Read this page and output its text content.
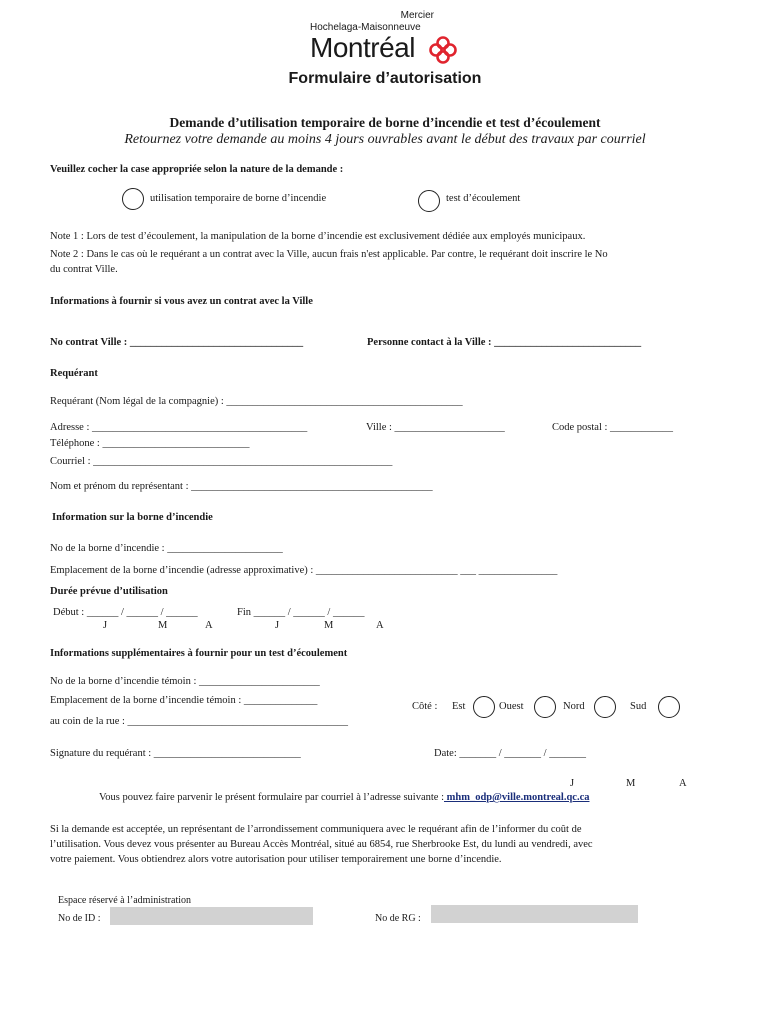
Mercier
Hochelaga-Maisonneuve
Montréal
Formulaire d’autorisation
Demande d’utilisation temporaire de borne d’incendie et test d’écoulement
Retournez votre demande au moins 4 jours ouvrables avant le début des travaux par courriel
Veuillez cocher la case appropriée selon la nature de la demande :
utilisation temporaire de borne d’incendie	test d’écoulement
Note 1 : Lors de test d’écoulement, la manipulation de la borne d’incendie est exclusivement dédiée aux employés municipaux.
Note 2 : Dans le cas où le requérant a un contrat avec la Ville, aucun frais n'est applicable. Par contre, le requérant doit inscrire le No
du contrat Ville.
Informations à fournir si vous avez un contrat avec la Ville
No contrat Ville : _________________________________	Personne contact à la Ville : ____________________________
Requérant
Requérant (Nom légal de la compagnie) : _____________________________________________
Adresse : _________________________________________	Ville : _____________________	Code postal : ____________
Téléphone : ____________________________
Courriel : _________________________________________________________
Nom et prénom du représentant : ______________________________________________
Information sur la borne d’incendie
No de la borne d’incendie : ______________________
Emplacement de la borne d’incendie (adresse approximative) : ___________________________ ___ _______________
Durée prévue d’utilisation
Début : ______ / ______ / ______	Fin ______ / ______ / ______
J	M	A	J	M	A
Informations supplémentaires à fournir pour un test d’écoulement
No de la borne d’incendie témoin : _______________________
Emplacement de la borne d’incendie témoin : ______________
au coin de la rue : __________________________________________
Côté : Est	Ouest	Nord	Sud
Signature du requérant : ____________________________	Date: _______ / _______ / _______
J	M	A
Vous pouvez faire parvenir le présent formulaire par courriel à l’adresse suivante : mhm_odp@ville.montreal.qc.ca
Si la demande est acceptée, un représentant de l’arrondissement communiquera avec le requérant afin de l’informer du coût de
l’utilisation. Vous devez vous présenter au Bureau Accès Montréal, situé au 6854, rue Sherbrooke Est, du lundi au vendredi, avec
votre paiement. Vous obtiendrez alors votre autorisation pour utiliser temporairement une borne d’incendie.
Espace réservé à l’administration
No de ID :	No de RG :
